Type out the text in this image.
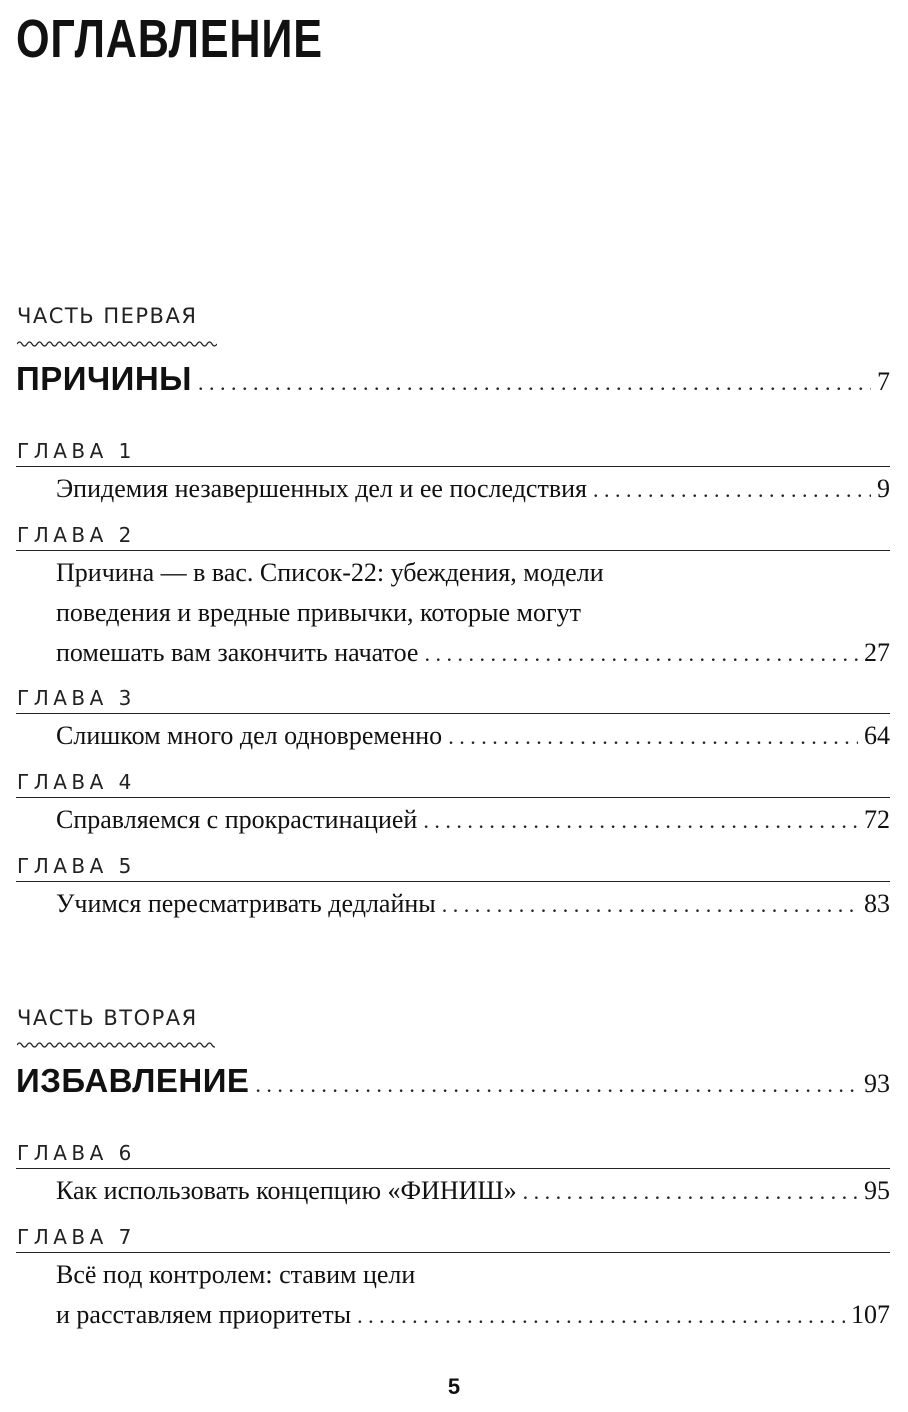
ОГЛАВЛЕНИЕ
ЧАСТЬ ПЕРВАЯ
ПРИЧИНЫ . . .	7
ГЛАВА 1
Эпидемия незавершенных дел и ее последствия . . .	9
ГЛАВА 2
Причина — в вас. Список-22: убеждения, модели
поведения и вредные привычки, которые могут
помешать вам закончить начатое . . .	27
ГЛАВА 3
Слишком много дел одновременно . . .	64
ГЛАВА 4
Справляемся с прокрастинацией . . .	72
ГЛАВА 5
Учимся пересматривать дедлайны . . .	83
ЧАСТЬ ВТОРАЯ
ИЗБАВЛЕНИЕ . . .	93
ГЛАВА 6
Как использовать концепцию «ФИНИШ» . . .	95
ГЛАВА 7
Всё под контролем: ставим цели
и расставляем приоритеты . . .	107
5
